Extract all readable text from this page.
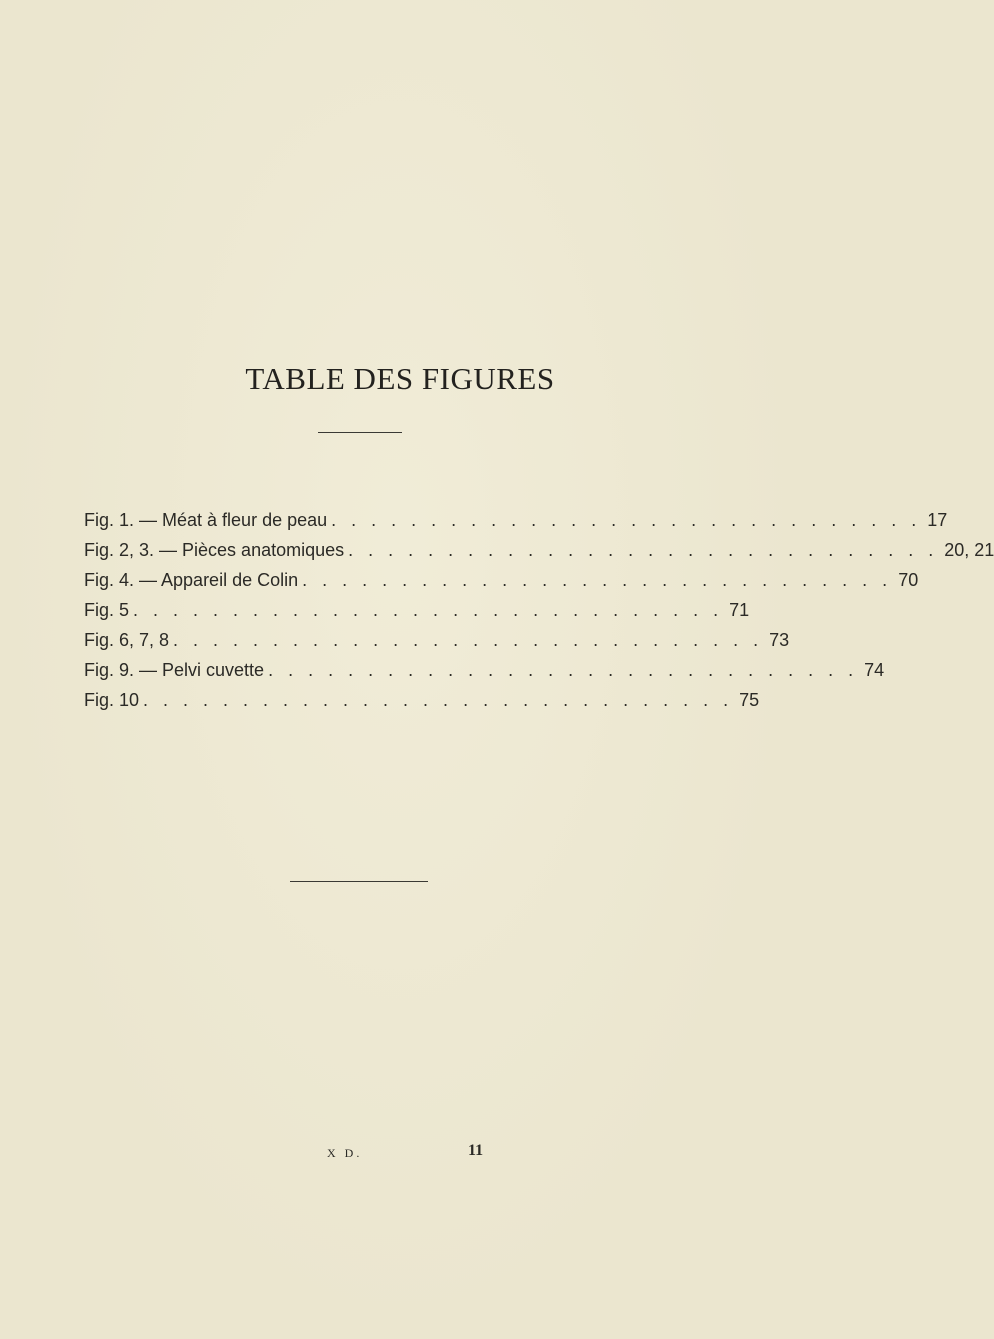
TABLE DES FIGURES
Fig. 1. — Méat à fleur de peau . . . . . . . . . . . . . . . . . . . . . . . . . . . . . . 17
Fig. 2, 3. — Pièces anatomiques . . . . . . . . . . . . . . . . . . . . . . . . . . . . . . 20, 21
Fig. 4. — Appareil de Colin . . . . . . . . . . . . . . . . . . . . . . . . . . . . . . 70
Fig. 5 . . . . . . . . . . . . . . . . . . . . . . . . . . . . . . 71
Fig. 6, 7, 8 . . . . . . . . . . . . . . . . . . . . . . . . . . . . . . 73
Fig. 9. — Pelvi cuvette . . . . . . . . . . . . . . . . . . . . . . . . . . . . . . 74
Fig. 10 . . . . . . . . . . . . . . . . . . . . . . . . . . . . . . 75
X D.	11
